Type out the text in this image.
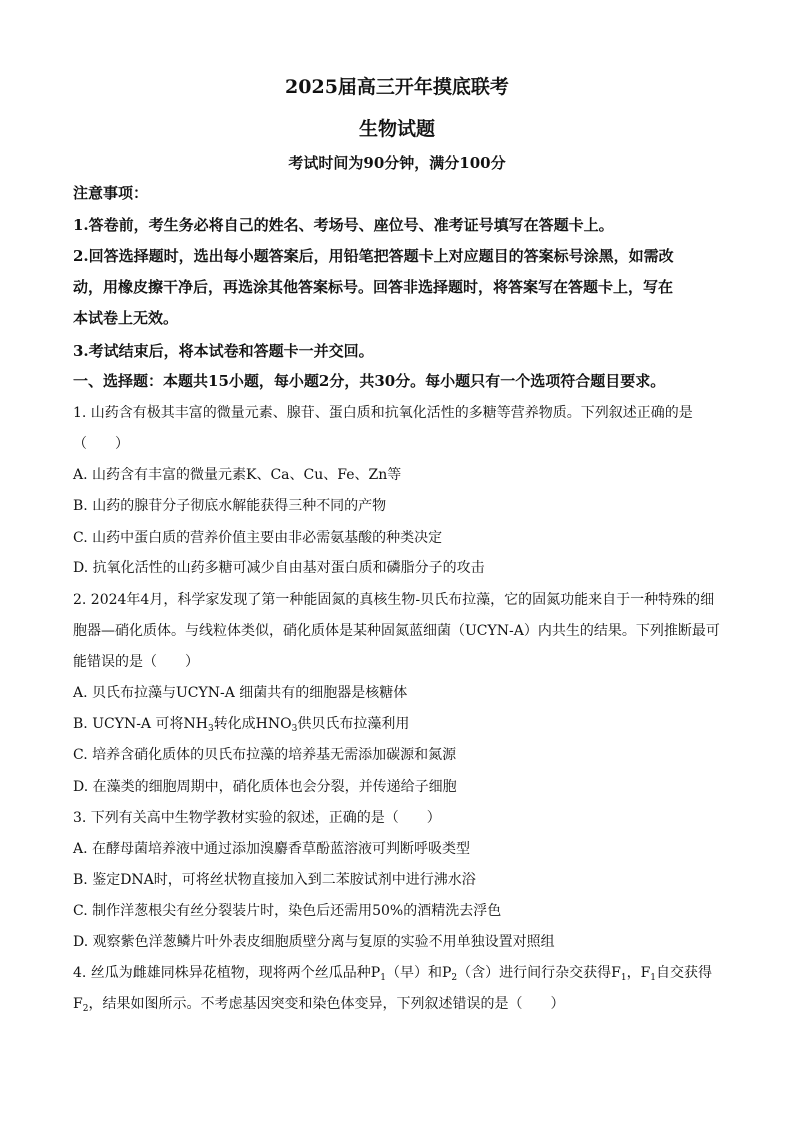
2025届高三开年摸底联考
生物试题
考试时间为90分钟，满分100分
注意事项：
1.答卷前，考生务必将自己的姓名、考场号、座位号、准考证号填写在答题卡上。
2.回答选择题时，选出每小题答案后，用铅笔把答题卡上对应题目的答案标号涂黑，如需改
动，用橡皮擦干净后，再选涂其他答案标号。回答非选择题时，将答案写在答题卡上，写在
本试卷上无效。
3.考试结束后，将本试卷和答题卡一并交回。
一、选择题：本题共15小题，每小题2分，共30分。每小题只有一个选项符合题目要求。
1. 山药含有极其丰富的微量元素、腺苷、蛋白质和抗氧化活性的多糖等营养物质。下列叙述正确的是
（　　）
A. 山药含有丰富的微量元素K、Ca、Cu、Fe、Zn等
B. 山药的腺苷分子彻底水解能获得三种不同的产物
C. 山药中蛋白质的营养价值主要由非必需氨基酸的种类决定
D. 抗氧化活性的山药多糖可减少自由基对蛋白质和磷脂分子的攻击
2. 2024年4月，科学家发现了第一种能固氮的真核生物-贝氏布拉藻，它的固氮功能来自于一种特殊的细
胞器—硝化质体。与线粒体类似，硝化质体是某种固氮蓝细菌（UCYN-A）内共生的结果。下列推断最可
能错误的是（　　）
A. 贝氏布拉藻与UCYN-A 细菌共有的细胞器是核糖体
B. UCYN-A 可将$NH_3$转化成$HNO_3$供贝氏布拉藻利用
C. 培养含硝化质体的贝氏布拉藻的培养基无需添加碳源和氮源
D. 在藻类的细胞周期中，硝化质体也会分裂，并传递给子细胞
3. 下列有关高中生物学教材实验的叙述，正确的是（　　）
A. 在酵母菌培养液中通过添加溴麝香草酚蓝溶液可判断呼吸类型
B. 鉴定DNA时，可将丝状物直接加入到二苯胺试剂中进行沸水浴
C. 制作洋葱根尖有丝分裂装片时，染色后还需用50%的酒精洗去浮色
D. 观察紫色洋葱鳞片叶外表皮细胞质壁分离与复原的实验不用单独设置对照组
4. 丝瓜为雌雄同株异花植物，现将两个丝瓜品种$P_1$（早）和$P_2$（含）进行间行杂交获得$F_1$，$F_1$自交获得
$F_2$，结果如图所示。不考虑基因突变和染色体变异，下列叙述错误的是（　　）
